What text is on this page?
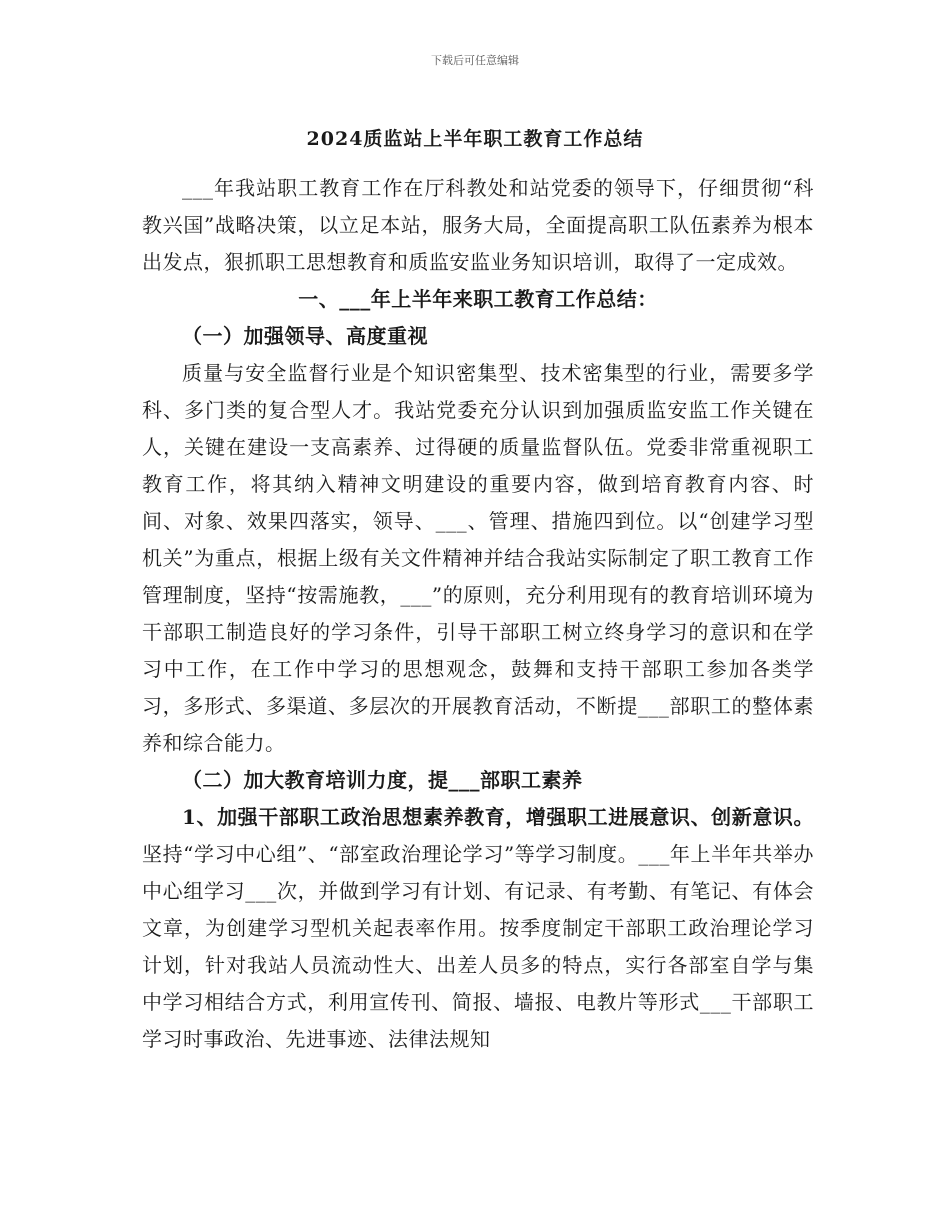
下载后可任意编辑
2024质监站上半年职工教育工作总结

___年我站职工教育工作在厅科教处和站党委的领导下，仔细贯彻“科教兴国”战略决策，以立足本站，服务大局，全面提高职工队伍素养为根本出发点，狠抓职工思想教育和质监安监业务知识培训，取得了一定成效。

一、___年上半年来职工教育工作总结：

（一）加强领导、高度重视

质量与安全监督行业是个知识密集型、技术密集型的行业，需要多学科、多门类的复合型人才。我站党委充分认识到加强质监安监工作关键在人，关键在建设一支高素养、过得硬的质量监督队伍。党委非常重视职工教育工作，将其纳入精神文明建设的重要内容，做到培育教育内容、时间、对象、效果四落实，领导、___、管理、措施四到位。以“创建学习型机关”为重点，根据上级有关文件精神并结合我站实际制定了职工教育工作管理制度，坚持“按需施教，___”的原则，充分利用现有的教育培训环境为干部职工制造良好的学习条件，引导干部职工树立终身学习的意识和在学习中工作，在工作中学习的思想观念，鼓舞和支持干部职工参加各类学习，多形式、多渠道、多层次的开展教育活动，不断提___部职工的整体素养和综合能力。

（二）加大教育培训力度，提___部职工素养

1、加强干部职工政治思想素养教育，增强职工进展意识、创新意识。坚持“学习中心组”、“部室政治理论学习”等学习制度。___年上半年共举办中心组学习___次，并做到学习有计划、有记录、有考勤、有笔记、有体会文章，为创建学习型机关起表率作用。按季度制定干部职工政治理论学习计划，针对我站人员流动性大、出差人员多的特点，实行各部室自学与集中学习相结合方式，利用宣传刊、简报、墙报、电教片等形式___干部职工学习时事政治、先进事迹、法律法规知
